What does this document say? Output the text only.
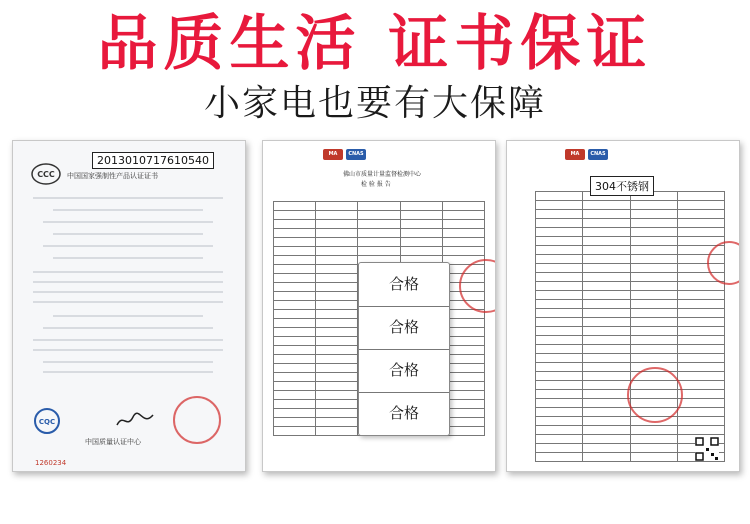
品质生活 证书保证
小家电也要有大保障
CCC 中国国家强制性产品认证证书
CQC
中国质量认证中心
1260234
2013010717610540	MA	CNAS
佛山市质量计量监督检测中心
检 验 报 告

合格
合格
合格
合格
MA	CNAS

304不锈钢
